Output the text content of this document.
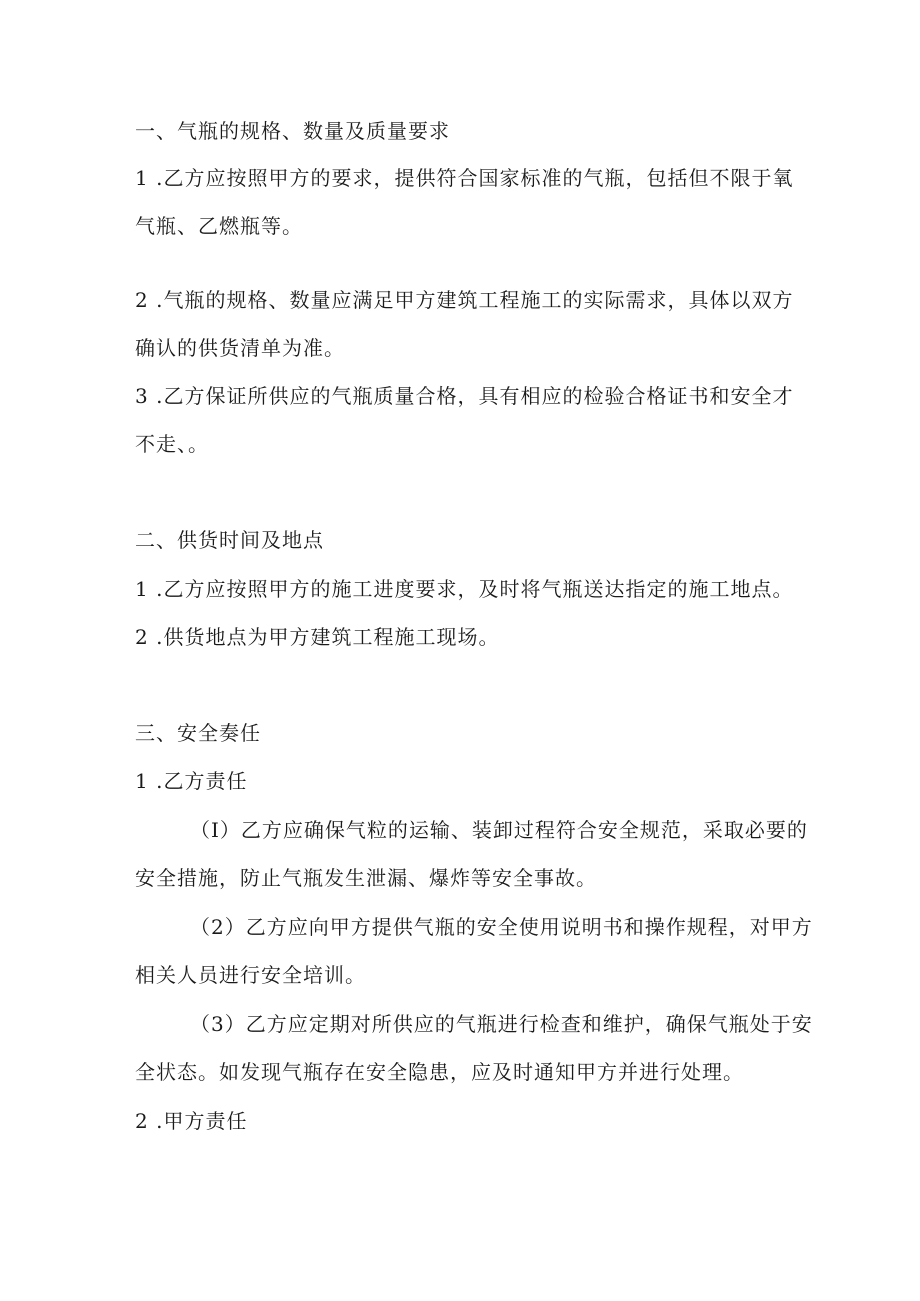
一、气瓶的规格、数量及质量要求
1 .乙方应按照甲方的要求，提供符合国家标准的气瓶，包括但不限于氧
气瓶、乙燃瓶等。
2 .气瓶的规格、数量应满足甲方建筑工程施工的实际需求，具体以双方
确认的供货清单为准。
3 .乙方保证所供应的气瓶质量合格，具有相应的检验合格证书和安全才
不走、。
二、供货时间及地点
1 .乙方应按照甲方的施工进度要求，及时将气瓶送达指定的施工地点。
2 .供货地点为甲方建筑工程施工现场。
三、安全奏任
1 .乙方责任
（I）乙方应确保气粒的运输、装卸过程符合安全规范，采取必要的
安全措施，防止气瓶发生泄漏、爆炸等安全事故。
（2）乙方应向甲方提供气瓶的安全使用说明书和操作规程，对甲方
相关人员进行安全培训。
（3）乙方应定期对所供应的气瓶进行检查和维护，确保气瓶处于安
全状态。如发现气瓶存在安全隐患，应及时通知甲方并进行处理。
2 .甲方责任
